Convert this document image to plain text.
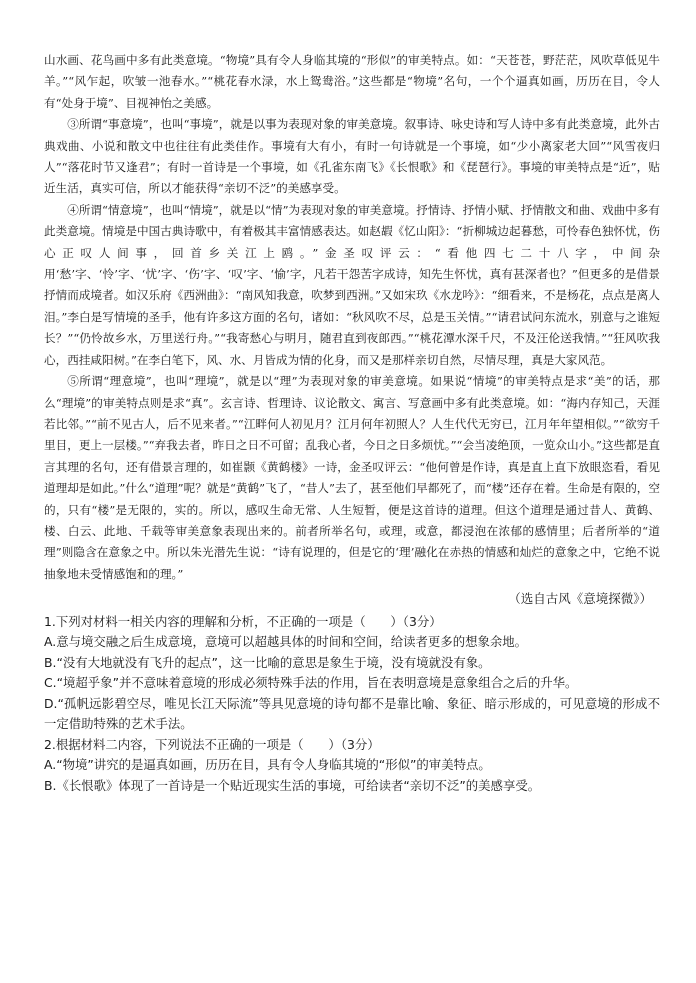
山水画、花鸟画中多有此类意境。“物境”具有令人身临其境的“形似”的审美特点。如：“天苍苍，野茫茫，风吹草低见牛羊。”“风乍起，吹皱一池春水。”“桃花春水渌，水上鸳鸯浴。”这些都是“物境”名句，一个个逼真如画，历历在目，令人有“处身于境”、目视神怡之美感。

③所谓“事意境”，也叫“事境”，就是以事为表现对象的审美意境。叙事诗、咏史诗和写人诗中多有此类意境，此外古典戏曲、小说和散文中也往往有此类佳作。事境有大有小，有时一句诗就是一个事境，如“少小离家老大回”“风雪夜归人”“落花时节又逢君”；有时一首诗是一个事境，如《孔雀东南飞》《长恨歌》和《琵琶行》。事境的审美特点是“近”，贴近生活，真实可信，所以才能获得“亲切不泛”的美感享受。

④所谓“情意境”，也叫“情境”，就是以“情”为表现对象的审美意境。抒情诗、抒情小赋、抒情散文和曲、戏曲中多有此类意境。情境是中国古典诗歌中，有着极其丰富情感表达。如赵嘏《忆山阳》：“折柳城边起暮愁，可怜春色独怀忧，伤心正叹人间事，回首乡关江上鸥。”金圣叹评云：“看他四七二十八字，中间杂用‘愁’字、‘怜’字、‘忧’字、‘伤’字、‘叹’字、‘愉’字，凡若干怨苦字成诗，知先生怀忧，真有甚深者也？”但更多的是借景抒情而成境者。如汉乐府《西洲曲》：“南风知我意，吹梦到西洲。”又如宋玖《水龙吟》：“细看来，不是杨花，点点是离人泪。”李白是写情境的圣手，他有许多这方面的名句，诸如：“秋风吹不尽，总是玉关情。”“请君试问东流水，别意与之谁短长？”“仍怜故乡水，万里送行舟。”“我寄愁心与明月，随君直到夜郎西。”“桃花潭水深千尺，不及汪伦送我情。”“狂风吹我心，西挂咸阳树。”在李白笔下，风、水、月皆成为情的化身，而又是那样亲切自然，尽情尽理，真是大家风范。

⑤所谓“理意境”，也叫“理境”，就是以“理”为表现对象的审美意境。如果说“情境”的审美特点是求“美”的话，那么“理境”的审美特点则是求“真”。玄言诗、哲理诗、议论散文、寓言、写意画中多有此类意境。如：“海内存知己，天涯若比邻。”“前不见古人，后不见来者。”“江畔何人初见月？江月何年初照人？人生代代无穷已，江月年年望相似。”“欲穷千里目，更上一层楼。”“弃我去者，昨日之日不可留；乱我心者，今日之日多烦忧。”“会当凌绝顶，一览众山小。”这些都是直言其理的名句，还有借景言理的，如崔颢《黄鹤楼》一诗，金圣叹评云：“他何曾是作诗，真是直上直下放眼恣看，看见道理却是如此。”什么“道理”呢？就是“黄鹤”飞了，“昔人”去了，甚至他们早都死了，而“楼”还存在着。生命是有限的，空的，只有“楼”是无限的，实的。所以，感叹生命无常、人生短暂，便是这首诗的道理。但这个道理是通过昔人、黄鹤、楼、白云、此地、千载等审美意象表现出来的。前者所举名句，或理，或意，都浸泡在浓郁的感情里；后者所举的“道理”则隐含在意象之中。所以朱光潜先生说：“诗有说理的，但是它的‘理’融化在赤热的情感和灿烂的意象之中，它绝不说抽象地未受情感饱和的理。”

（选自古风《意境探微》）

1.下列对材料一相关内容的理解和分析，不正确的一项是（　　）（3分）

A.意与境交融之后生成意境，意境可以超越具体的时间和空间，给读者更多的想象余地。

B.“没有大地就没有飞升的起点”，这一比喻的意思是象生于境，没有境就没有象。

C.“境超乎象”并不意味着意境的形成必须特殊手法的作用，旨在表明意境是意象组合之后的升华。

D.“孤帆远影碧空尽，唯见长江天际流”等具见意境的诗句都不是靠比喻、象征、暗示形成的，可见意境的形成不一定借助特殊的艺术手法。

2.根据材料二内容，下列说法不正确的一项是（　　）（3分）

A.“物境”讲究的是逼真如画，历历在目，具有令人身临其境的“形似”的审美特点。

B.《长恨歌》体现了一首诗是一个贴近现实生活的事境，可给读者“亲切不泛”的美感享受。
